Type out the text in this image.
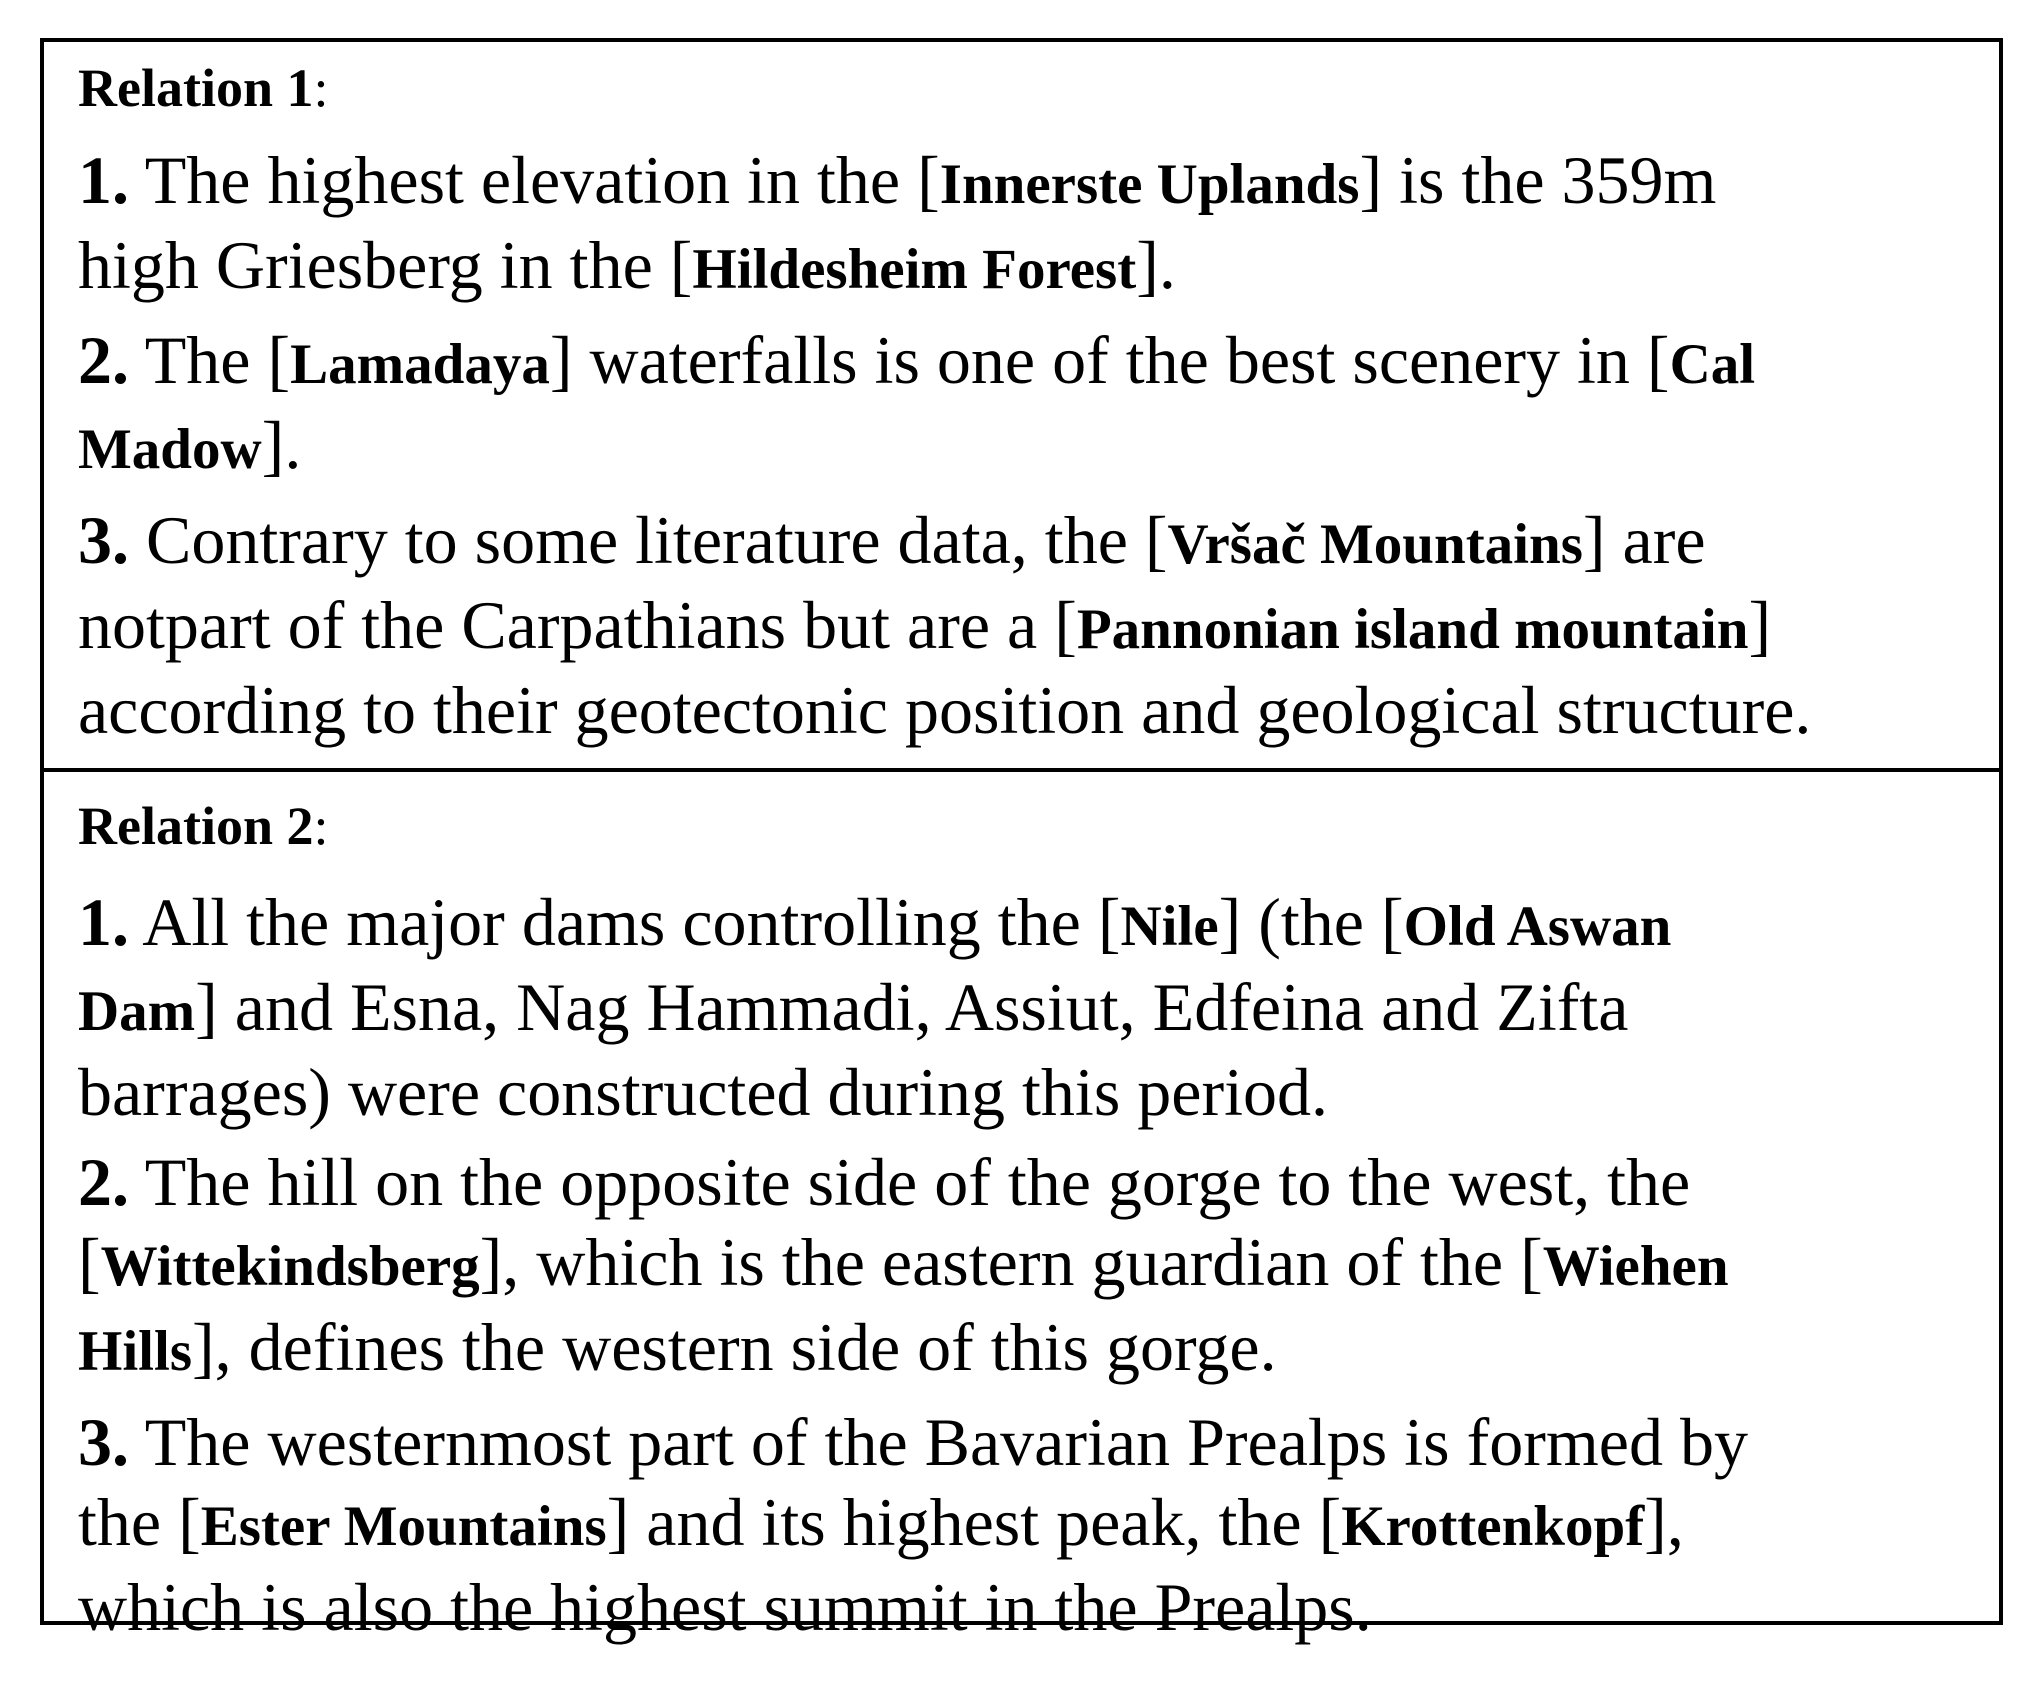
Relation 1:
1. The highest elevation in the [Innerste Uplands] is the 359m
high Griesberg in the [Hildesheim Forest].
2. The [Lamadaya] waterfalls is one of the best scenery in [Cal
Madow].
3. Contrary to some literature data, the [Vršač Mountains] are
notpart of the Carpathians but are a [Pannonian island mountain]
according to their geotectonic position and geological structure.
Relation 2:
1. All the major dams controlling the [Nile] (the [Old Aswan
Dam] and Esna, Nag Hammadi, Assiut, Edfeina and Zifta
barrages) were constructed during this period.
2. The hill on the opposite side of the gorge to the west, the
[Wittekindsberg], which is the eastern guardian of the [Wiehen
Hills], defines the western side of this gorge.
3. The westernmost part of the Bavarian Prealps is formed by
the [Ester Mountains] and its highest peak, the [Krottenkopf],
which is also the highest summit in the Prealps.
